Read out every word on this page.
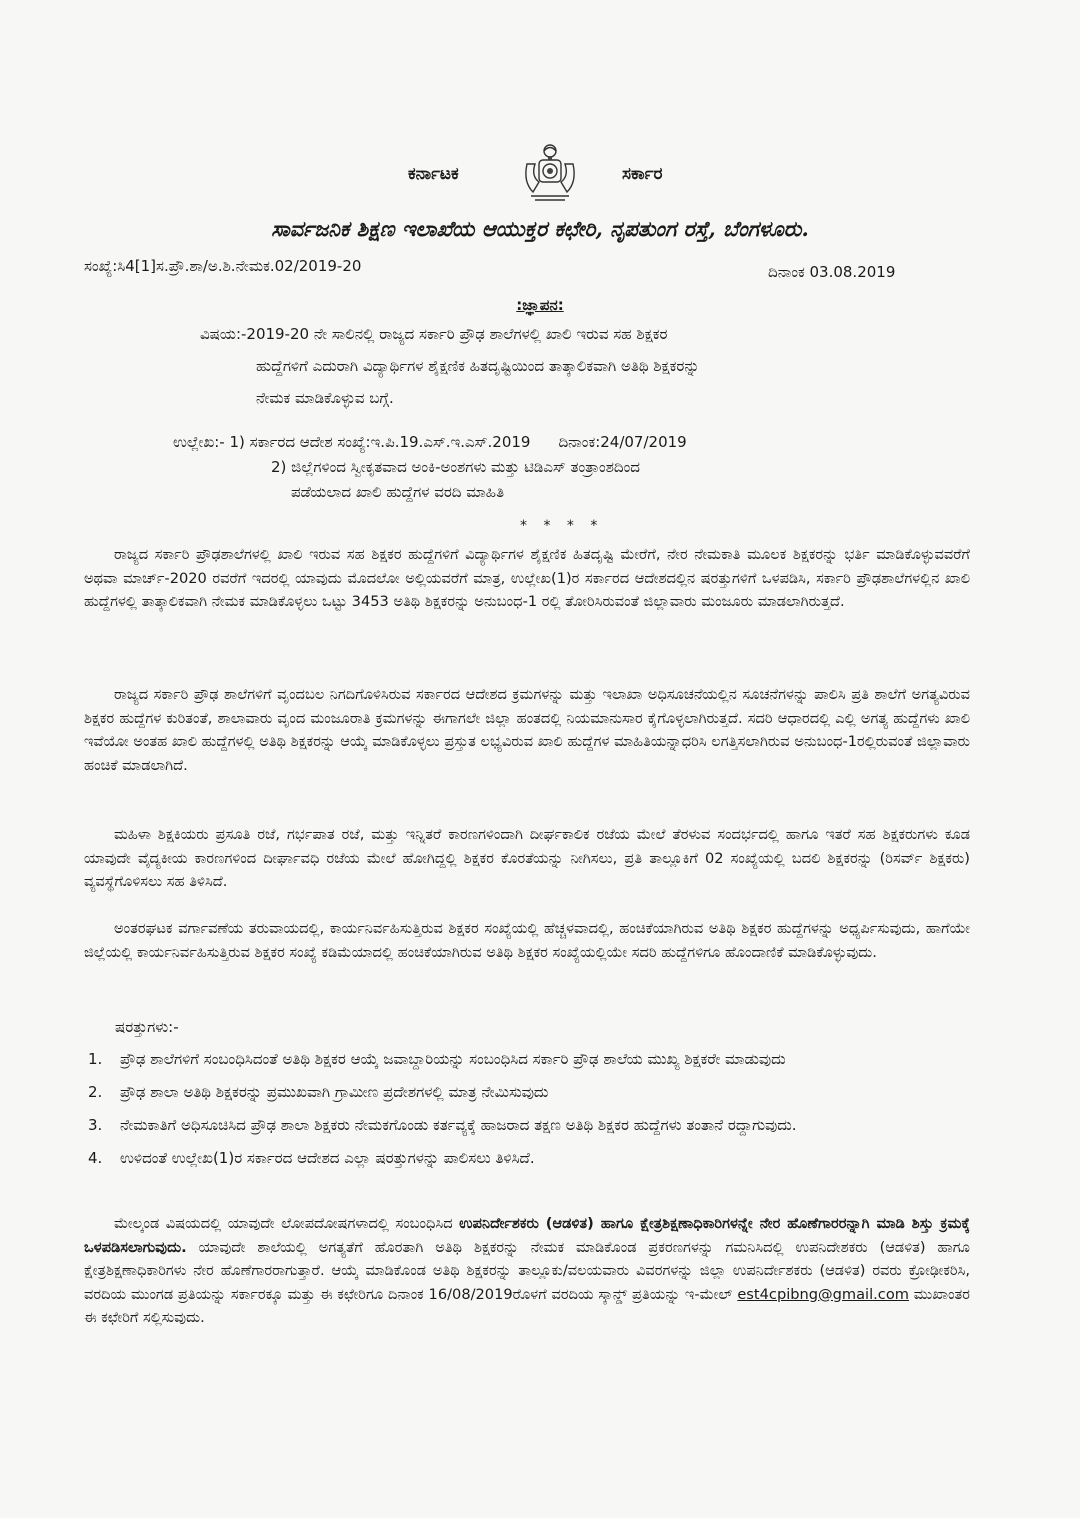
ಕರ್ನಾಟಕ	ಸರ್ಕಾರ
ಸಾರ್ವಜನಿಕ ಶಿಕ್ಷಣ ಇಲಾಖೆಯ ಆಯುಕ್ತರ ಕಛೇರಿ, ನೃಪತುಂಗ ರಸ್ತೆ, ಬೆಂಗಳೂರು.
ಸಂಖ್ಯೆ:ಸಿ4[1]ಸ.ಪ್ರೌ.ಶಾ/ಅ.ಶಿ.ನೇಮಕ.02/2019-20	ದಿನಾಂಕ 03.08.2019
:ಜ್ಞಾಪನ:
ವಿಷಯ:-2019-20 ನೇ ಸಾಲಿನಲ್ಲಿ ರಾಜ್ಯದ ಸರ್ಕಾರಿ ಪ್ರೌಢ ಶಾಲೆಗಳಲ್ಲಿ ಖಾಲಿ ಇರುವ ಸಹ ಶಿಕ್ಷಕರ
ಹುದ್ದೆಗಳಿಗೆ ಎದುರಾಗಿ ವಿದ್ಯಾರ್ಥಿಗಳ ಶೈಕ್ಷಣಿಕ ಹಿತದೃಷ್ಟಿಯಿಂದ ತಾತ್ಕಾಲಿಕವಾಗಿ ಅತಿಥಿ ಶಿಕ್ಷಕರನ್ನು
ನೇಮಕ ಮಾಡಿಕೊಳ್ಳುವ ಬಗ್ಗೆ.
ಉಲ್ಲೇಖ:- 1) ಸರ್ಕಾರದ ಆದೇಶ ಸಂಖ್ಯೆ:ಇ.ಪಿ.19.ಎಸ್.ಇ.ಎಸ್.2019 ದಿನಾಂಕ:24/07/2019
2) ಜಿಲ್ಲೆಗಳಿಂದ ಸ್ವೀಕೃತವಾದ ಅಂಕಿ-ಅಂಶಗಳು ಮತ್ತು ಟಿಡಿಎಸ್ ತಂತ್ರಾಂಶದಿಂದ
ಪಡೆಯಲಾದ ಖಾಲಿ ಹುದ್ದೆಗಳ ವರದಿ ಮಾಹಿತಿ
* * * *

ರಾಜ್ಯದ ಸರ್ಕಾರಿ ಪ್ರೌಢಶಾಲೆಗಳಲ್ಲಿ ಖಾಲಿ ಇರುವ ಸಹ ಶಿಕ್ಷಕರ ಹುದ್ದೆಗಳಿಗೆ ವಿದ್ಯಾರ್ಥಿಗಳ ಶೈಕ್ಷಣಿಕ ಹಿತದೃಷ್ಟಿ ಮೇರೆಗೆ, ನೇರ ನೇಮಕಾತಿ ಮೂಲಕ ಶಿಕ್ಷಕರನ್ನು ಭರ್ತಿ ಮಾಡಿಕೊಳ್ಳುವವರೆಗೆ ಅಥವಾ ಮಾರ್ಚ್-2020 ರವರೆಗೆ ಇದರಲ್ಲಿ ಯಾವುದು ಮೊದಲೋ ಅಲ್ಲಿಯವರೆಗೆ ಮಾತ್ರ, ಉಲ್ಲೇಖ(1)ರ ಸರ್ಕಾರದ ಆದೇಶದಲ್ಲಿನ ಷರತ್ತುಗಳಿಗೆ ಒಳಪಡಿಸಿ, ಸರ್ಕಾರಿ ಪ್ರೌಢಶಾಲೆಗಳಲ್ಲಿನ ಖಾಲಿ ಹುದ್ದೆಗಳಲ್ಲಿ ತಾತ್ಕಾಲಿಕವಾಗಿ ನೇಮಕ ಮಾಡಿಕೊಳ್ಳಲು ಒಟ್ಟು 3453 ಅತಿಥಿ ಶಿಕ್ಷಕರನ್ನು ಅನುಬಂಧ-1 ರಲ್ಲಿ ತೋರಿಸಿರುವಂತೆ ಜಿಲ್ಲಾವಾರು ಮಂಜೂರು ಮಾಡಲಾಗಿರುತ್ತದೆ.

ರಾಜ್ಯದ ಸರ್ಕಾರಿ ಪ್ರೌಢ ಶಾಲೆಗಳಿಗೆ ವೃಂದಬಲ ನಿಗದಿಗೊಳಿಸಿರುವ ಸರ್ಕಾರದ ಆದೇಶದ ಕ್ರಮಗಳನ್ನು ಮತ್ತು ಇಲಾಖಾ ಅಧಿಸೂಚನೆಯಲ್ಲಿನ ಸೂಚನೆಗಳನ್ನು ಪಾಲಿಸಿ ಪ್ರತಿ ಶಾಲೆಗೆ ಅಗತ್ಯವಿರುವ ಶಿಕ್ಷಕರ ಹುದ್ದೆಗಳ ಕುರಿತಂತೆ, ಶಾಲಾವಾರು ವೃಂದ ಮಂಜೂರಾತಿ ಕ್ರಮಗಳನ್ನು ಈಗಾಗಲೇ ಜಿಲ್ಲಾ ಹಂತದಲ್ಲಿ ನಿಯಮಾನುಸಾರ ಕೈಗೊಳ್ಳಲಾಗಿರುತ್ತದೆ. ಸದರಿ ಆಧಾರದಲ್ಲಿ ಎಲ್ಲಿ ಅಗತ್ಯ ಹುದ್ದೆಗಳು ಖಾಲಿ ಇವೆಯೋ ಅಂತಹ ಖಾಲಿ ಹುದ್ದೆಗಳಲ್ಲಿ ಅತಿಥಿ ಶಿಕ್ಷಕರನ್ನು ಆಯ್ಕೆ ಮಾಡಿಕೊಳ್ಳಲು ಪ್ರಸ್ತುತ ಲಭ್ಯವಿರುವ ಖಾಲಿ ಹುದ್ದೆಗಳ ಮಾಹಿತಿಯನ್ನಾಧರಿಸಿ ಲಗತ್ತಿಸಲಾಗಿರುವ ಅನುಬಂಧ-1ರಲ್ಲಿರುವಂತೆ ಜಿಲ್ಲಾವಾರು ಹಂಚಿಕೆ ಮಾಡಲಾಗಿದೆ.

ಮಹಿಳಾ ಶಿಕ್ಷಕಿಯರು ಪ್ರಸೂತಿ ರಜೆ, ಗರ್ಭಪಾತ ರಜೆ, ಮತ್ತು ಇನ್ನಿತರೆ ಕಾರಣಗಳಿಂದಾಗಿ ದೀರ್ಘಕಾಲಿಕ ರಜೆಯ ಮೇಲೆ ತೆರಳುವ ಸಂದರ್ಭದಲ್ಲಿ ಹಾಗೂ ಇತರೆ ಸಹ ಶಿಕ್ಷಕರುಗಳು ಕೂಡ ಯಾವುದೇ ವೈದ್ಯಕೀಯ ಕಾರಣಗಳಿಂದ ದೀರ್ಘಾವಧಿ ರಜೆಯ ಮೇಲೆ ಹೋಗಿದ್ದಲ್ಲಿ ಶಿಕ್ಷಕರ ಕೊರತೆಯನ್ನು ನೀಗಿಸಲು, ಪ್ರತಿ ತಾಲ್ಲೂಕಿಗೆ 02 ಸಂಖ್ಯೆಯಲ್ಲಿ ಬದಲಿ ಶಿಕ್ಷಕರನ್ನು (ರಿಸರ್ವ್ ಶಿಕ್ಷಕರು) ವ್ಯವಸ್ಥೆಗೊಳಿಸಲು ಸಹ ತಿಳಿಸಿದೆ.

ಅಂತರಘಟಕ ವರ್ಗಾವಣೆಯ ತರುವಾಯದಲ್ಲಿ, ಕಾರ್ಯನಿರ್ವಹಿಸುತ್ತಿರುವ ಶಿಕ್ಷಕರ ಸಂಖ್ಯೆಯಲ್ಲಿ ಹೆಚ್ಚಳವಾದಲ್ಲಿ, ಹಂಚಿಕೆಯಾಗಿರುವ ಅತಿಥಿ ಶಿಕ್ಷಕರ ಹುದ್ದೆಗಳನ್ನು ಅಧ್ಯರ್ಪಿಸುವುದು, ಹಾಗೆಯೇ ಜಿಲ್ಲೆಯಲ್ಲಿ ಕಾರ್ಯನಿರ್ವಹಿಸುತ್ತಿರುವ ಶಿಕ್ಷಕರ ಸಂಖ್ಯೆ ಕಡಿಮೆಯಾದಲ್ಲಿ ಹಂಚಿಕೆಯಾಗಿರುವ ಅತಿಥಿ ಶಿಕ್ಷಕರ ಸಂಖ್ಯೆಯಲ್ಲಿಯೇ ಸದರಿ ಹುದ್ದೆಗಳಿಗೂ ಹೊಂದಾಣಿಕೆ ಮಾಡಿಕೊಳ್ಳುವುದು.

ಷರತ್ತುಗಳು:-
1. ಪ್ರೌಢ ಶಾಲೆಗಳಿಗೆ ಸಂಬಂಧಿಸಿದಂತೆ ಅತಿಥಿ ಶಿಕ್ಷಕರ ಆಯ್ಕೆ ಜವಾಬ್ದಾರಿಯನ್ನು ಸಂಬಂಧಿಸಿದ ಸರ್ಕಾರಿ ಪ್ರೌಢ ಶಾಲೆಯ ಮುಖ್ಯ ಶಿಕ್ಷಕರೇ ಮಾಡುವುದು
2. ಪ್ರೌಢ ಶಾಲಾ ಅತಿಥಿ ಶಿಕ್ಷಕರನ್ನು ಪ್ರಮುಖವಾಗಿ ಗ್ರಾಮೀಣ ಪ್ರದೇಶಗಳಲ್ಲಿ ಮಾತ್ರ ನೇಮಿಸುವುದು
3. ನೇಮಕಾತಿಗೆ ಅಧಿಸೂಚಿಸಿದ ಪ್ರೌಢ ಶಾಲಾ ಶಿಕ್ಷಕರು ನೇಮಕಗೊಂಡು ಕರ್ತವ್ಯಕ್ಕೆ ಹಾಜರಾದ ತಕ್ಷಣ ಅತಿಥಿ ಶಿಕ್ಷಕರ ಹುದ್ದೆಗಳು ತಂತಾನೆ ರದ್ದಾಗುವುದು.
4. ಉಳಿದಂತೆ ಉಲ್ಲೇಖ(1)ರ ಸರ್ಕಾರದ ಆದೇಶದ ಎಲ್ಲಾ ಷರತ್ತುಗಳನ್ನು ಪಾಲಿಸಲು ತಿಳಿಸಿದೆ.

ಮೇಲ್ಕಂಡ ವಿಷಯದಲ್ಲಿ ಯಾವುದೇ ಲೋಪದೋಷಗಳಾದಲ್ಲಿ ಸಂಬಂಧಿಸಿದ ಉಪನಿರ್ದೇಶಕರು (ಆಡಳಿತ) ಹಾಗೂ ಕ್ಷೇತ್ರಶಿಕ್ಷಣಾಧಿಕಾರಿಗಳನ್ನೇ ನೇರ ಹೊಣೆಗಾರರನ್ನಾಗಿ ಮಾಡಿ ಶಿಸ್ತು ಕ್ರಮಕ್ಕೆ ಒಳಪಡಿಸಲಾಗುವುದು. ಯಾವುದೇ ಶಾಲೆಯಲ್ಲಿ ಅಗತ್ಯತೆಗೆ ಹೊರತಾಗಿ ಅತಿಥಿ ಶಿಕ್ಷಕರನ್ನು ನೇಮಕ ಮಾಡಿಕೊಂಡ ಪ್ರಕರಣಗಳನ್ನು ಗಮನಿಸಿದಲ್ಲಿ ಉಪನಿದೇಶಕರು (ಆಡಳಿತ) ಹಾಗೂ ಕ್ಷೇತ್ರಶಿಕ್ಷಣಾಧಿಕಾರಿಗಳು ನೇರ ಹೊಣೆಗಾರರಾಗುತ್ತಾರೆ. ಆಯ್ಕೆ ಮಾಡಿಕೊಂಡ ಅತಿಥಿ ಶಿಕ್ಷಕರನ್ನು ತಾಲ್ಲೂಕು/ವಲಯವಾರು ವಿವರಗಳನ್ನು ಜಿಲ್ಲಾ ಉಪನಿರ್ದೇಶಕರು (ಆಡಳಿತ) ರವರು ಕ್ರೋಢೀಕರಿಸಿ, ವರದಿಯ ಮುಂಗಡ ಪ್ರತಿಯನ್ನು ಸರ್ಕಾರಕ್ಕೂ ಮತ್ತು ಈ ಕಛೇರಿಗೂ ದಿನಾಂಕ 16/08/2019ರೊಳಗೆ ವರದಿಯ ಸ್ಕಾನ್ಡ್ ಪ್ರತಿಯನ್ನು ಇ-ಮೇಲ್ est4cpibng@gmail.com ಮುಖಾಂತರ ಈ ಕಛೇರಿಗೆ ಸಲ್ಲಿಸುವುದು.
